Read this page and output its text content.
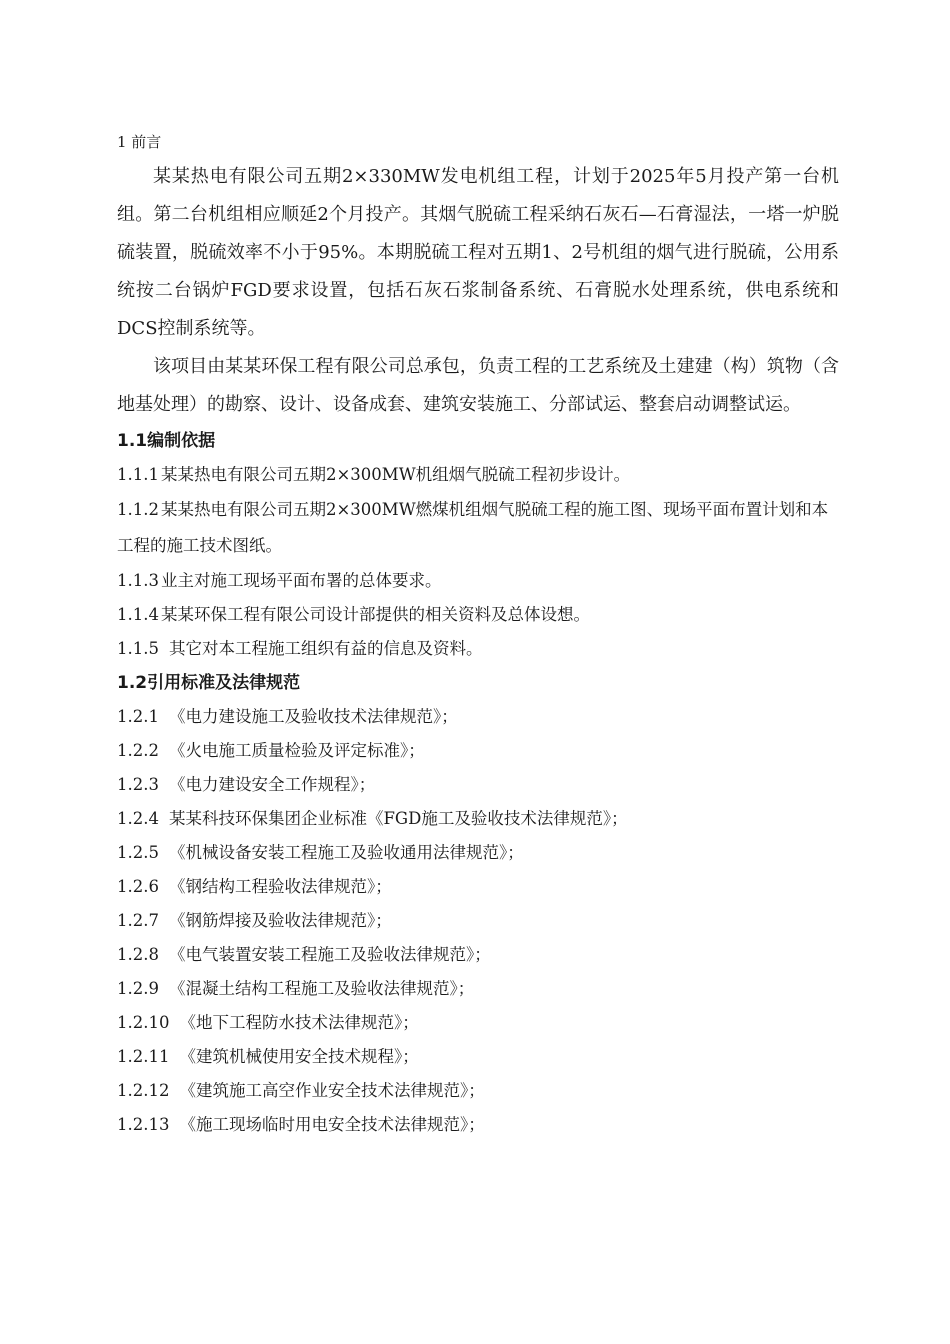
1 前言

某某热电有限公司五期2×330MW发电机组工程，计划于2025年5月投产第一台机组。第二台机组相应顺延2个月投产。其烟气脱硫工程采纳石灰石—石膏湿法，一塔一炉脱硫装置，脱硫效率不小于95%。本期脱硫工程对五期1、2号机组的烟气进行脱硫，公用系统按二台锅炉FGD要求设置，包括石灰石浆制备系统、石膏脱水处理系统，供电系统和DCS控制系统等。

该项目由某某环保工程有限公司总承包，负责工程的工艺系统及土建建（构）筑物（含地基处理）的勘察、设计、设备成套、建筑安装施工、分部试运、整套启动调整试运。

1.1编制依据

1.1.1 某某热电有限公司五期2×300MW机组烟气脱硫工程初步设计。

1.1.2 某某热电有限公司五期2×300MW燃煤机组烟气脱硫工程的施工图、现场平面布置计划和本工程的施工技术图纸。

1.1.3 业主对施工现场平面布署的总体要求。

1.1.4 某某环保工程有限公司设计部提供的相关资料及总体设想。

1.1.5 其它对本工程施工组织有益的信息及资料。

1.2引用标准及法律规范

1.2.1 《电力建设施工及验收技术法律规范》；

1.2.2 《火电施工质量检验及评定标准》；

1.2.3 《电力建设安全工作规程》；

1.2.4 某某科技环保集团企业标准《FGD施工及验收技术法律规范》；

1.2.5 《机械设备安装工程施工及验收通用法律规范》；

1.2.6 《钢结构工程验收法律规范》；

1.2.7 《钢筋焊接及验收法律规范》；

1.2.8 《电气装置安装工程施工及验收法律规范》；

1.2.9 《混凝土结构工程施工及验收法律规范》；

1.2.10 《地下工程防水技术法律规范》；

1.2.11 《建筑机械使用安全技术规程》；

1.2.12 《建筑施工高空作业安全技术法律规范》；

1.2.13 《施工现场临时用电安全技术法律规范》；
